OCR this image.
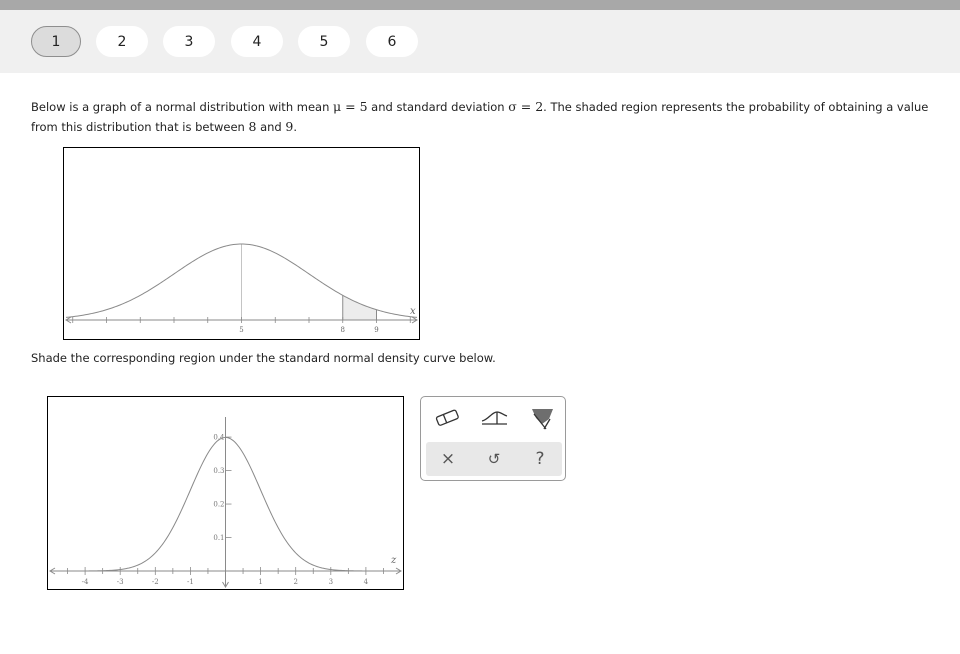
1	2	3	4	5	6
Below is a graph of a normal distribution with mean μ = 5 and standard deviation σ = 2. The shaded region represents the probability of obtaining a value from this distribution that is between 8 and 9.
5	8	9
x
Shade the corresponding region under the standard normal density curve below.
0.1
0.2
0.3
0.4
-4	-3	-2	-1	1	2	3	4
z
×	↺	?
